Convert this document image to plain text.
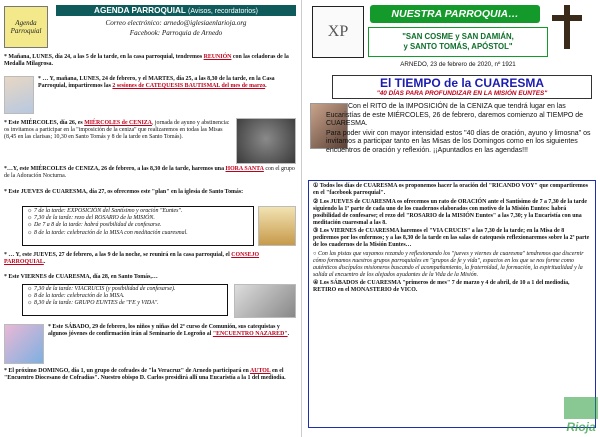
Agenda Parroquial
AGENDA PARROQUIAL (Avisos, recordatorios)
Correo electrónico: arnedo@iglesiaenlarioja.org
Facebook: Parroquia de Arnedo
* Mañana, LUNES, día 24, a las 5 de la tarde, en la casa parroquial, tendremos REUNIÓN con las celadoras de la Medalla Milagrosa.
* … Y, mañana, LUNES, 24 de febrero, y el MARTES, día 25, a las 8,30 de la tarde, en la Casa Parroquial, impartiremos las 2 sesiones de CATEQUESIS BAUTISMAL del mes de marzo.
* Este MIÉRCOLES, día 26, es MIÉRCOLES de CENIZA, jornada de ayuno y abstinencia: os invitamos a participar en la "imposición de la ceniza" que realizaremos en todas las Misas (8,45 en las clarisas; 10,30 en Santo Tomás y 8 de la tarde en Santo Tomás).
*…Y, este MIÉRCOLES de CENIZA, 26 de febrero, a las 8,30 de la tarde, haremos una HORA SANTA con el grupo de la Adoración Nocturna.
* Este JUEVES de CUARESMA, día 27, os ofrecemos este "plan" en la iglesia de Santo Tomás:
☼ 7 de la tarde: EXPOSICIÓN del Santísimo y oración "Euntes".
☼ 7,30 de la tarde: rezo del ROSARIO de la MISIÓN.
☼ De 7 a 8 de la tarde: habrá posibilidad de confesarse.
☼ 8 de la tarde: celebración de la MISA con meditación cuaresmal.
* … Y, este JUEVES, 27 de febrero, a las 9 de la noche, se reunirá en la casa parroquial, el CONSEJO PARROQUIAL.
* Este VIERNES de CUARESMA, día 28, en Santo Tomás,…
☼ 7,30 de la tarde: VIACRUCIS (y posibilidad de confesarse).
☼ 8 de la tarde: celebración de la MISA.
☼ 8,30 de la tarde: GRUPO EUNTES de "FE y VIDA".
* Este SÁBADO, 29 de febrero, los niños y niñas del 2º curso de Comunión, sus catequistas y algunos jóvenes de confirmación irán al Seminario de Logroño al "ENCUENTRO NAZARED".
* El próximo DOMINGO, día 1, un grupo de cofrades de "la Veracruz" de Arnedo participará en AUTOL en el "Encuentro Diocesano de Cofradías". Nuestro obispo D. Carlos presidirá allí una Eucaristía a la 1 del mediodía.
XP
NUESTRA PARROQUIA…
"SAN COSME y SAN DAMIÁN,
y SANTO TOMÁS, APÓSTOL"
ARNEDO, 23 de febrero de 2020, nº 1921
El TIEMPO de la CUARESMA
"40 DÍAS PARA PROFUNDIZAR EN LA MISIÓN EUNTES"
Con el RITO de la IMPOSICIÓN de la CENIZA que tendrá lugar en las Eucaristías de este MIÉRCOLES, 26 de febrero, daremos comienzo al TIEMPO de CUARESMA.
Para poder vivir con mayor intensidad estos "40 días de oración, ayuno y limosna" os invitamos a participar tanto en las Misas de los Domingos como en los siguientes encuentros de oración y reflexión. ¡¡Apuntadlos en las agendas!!!
① Todos los días de CUARESMA os proponemos hacer la oración del "RICANDO VOY" que compartiremos en el "facebook parroquial".
② Los JUEVES de CUARESMA os ofrecemos un rato de ORACIÓN ante el Santísimo de 7 a 7,30 de la tarde siguiendo la 1ª parte de cada uno de los cuadernos elaborados con motivo de la Misión Euntes: habrá posibilidad de confesarse; el rezo del "ROSARIO de la MISIÓN Euntes" a las 7,30; y la Eucaristía con una meditación cuaresmal a las 8.
③ Los VIERNES de CUARESMA haremos el "VIA CRUCIS" a las 7,30 de la tarde; en la Misa de 8 pediremos por los enfermos; y a las 8,30 de la tarde en las salas de catequesis reflexionaremos sobre la 2ª parte de los cuadernos de la Misión Euntes…
○ Con las pistas que vayamos rezando y reflexionando los "jueves y viernes de cuaresma" tendremos que discernir cómo formamos nuestros grupos parroquiales en "grupos de fe y vida", espacios en los que se nos forme como auténticos discípulos misioneros buscando el acompañamiento, la fraternidad, la formación, la espiritualidad y la salida al encuentro de los alejados ayudantes de la Vida de la Misión.
④ Los SÁBADOS de CUARESMA "primeros de mes" 7 de marzo y 4 de abril, de 10 a 1 del mediodía, RETIRO en el MONASTERIO de VICO.
Rioja
